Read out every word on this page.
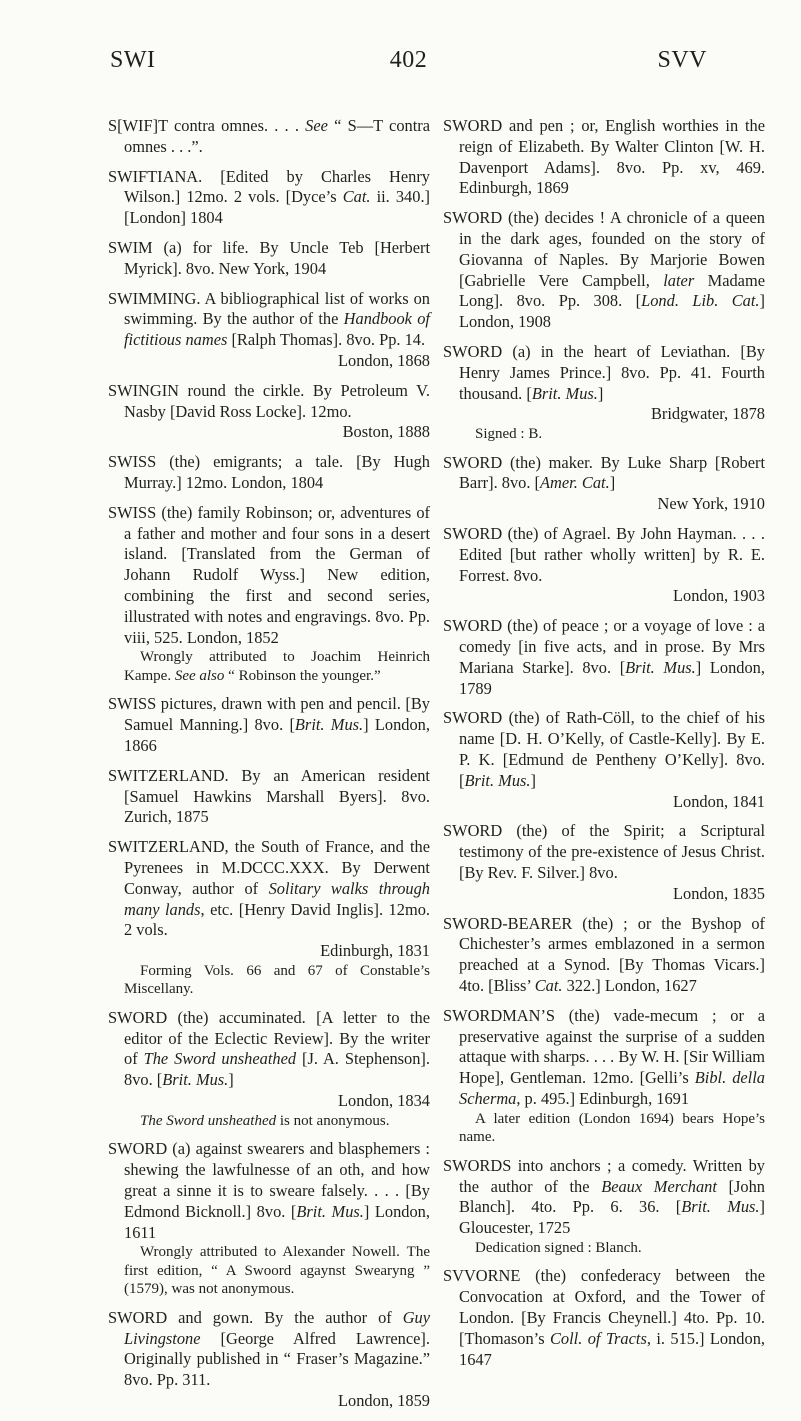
SWI	402	SVV
S[WIF]T contra omnes. . . . See “ S—T contra omnes . . .”.
SWIFTIANA. [Edited by Charles Henry Wilson.] 12mo. 2 vols. [Dyce’s Cat. ii. 340.] [London] 1804
SWIM (a) for life. By Uncle Teb [Herbert Myrick]. 8vo. New York, 1904
SWIMMING. A bibliographical list of works on swimming. By the author of the Handbook of fictitious names [Ralph Thomas]. 8vo. Pp. 14.
London, 1868
SWINGIN round the cirkle. By Petroleum V. Nasby [David Ross Locke]. 12mo.
Boston, 1888
SWISS (the) emigrants; a tale. [By Hugh Murray.] 12mo. London, 1804
SWISS (the) family Robinson; or, adventures of a father and mother and four sons in a desert island. [Translated from the German of Johann Rudolf Wyss.] New edition, combining the first and second series, illustrated with notes and engravings. 8vo. Pp. viii, 525. London, 1852
Wrongly attributed to Joachim Heinrich Kampe. See also “ Robinson the younger.”
SWISS pictures, drawn with pen and pencil. [By Samuel Manning.] 8vo. [Brit. Mus.] London, 1866
SWITZERLAND. By an American resident [Samuel Hawkins Marshall Byers]. 8vo. Zurich, 1875
SWITZERLAND, the South of France, and the Pyrenees in M.DCCC.XXX. By Derwent Conway, author of Solitary walks through many lands, etc. [Henry David Inglis]. 12mo. 2 vols.
Edinburgh, 1831
Forming Vols. 66 and 67 of Constable’s Miscellany.
SWORD (the) accuminated. [A letter to the editor of the Eclectic Review]. By the writer of The Sword unsheathed [J. A. Stephenson]. 8vo. [Brit. Mus.]
London, 1834
The Sword unsheathed is not anonymous.
SWORD (a) against swearers and blasphemers : shewing the lawfulnesse of an oth, and how great a sinne it is to sweare falsely. . . . [By Edmond Bicknoll.] 8vo. [Brit. Mus.] London, 1611
Wrongly attributed to Alexander Nowell. The first edition, “ A Swoord agaynst Swearyng ” (1579), was not anonymous.
SWORD and gown. By the author of Guy Livingstone [George Alfred Lawrence]. Originally published in “ Fraser’s Magazine.” 8vo. Pp. 311.
London, 1859
SWORD and pen ; or, English worthies in the reign of Elizabeth. By Walter Clinton [W. H. Davenport Adams]. 8vo. Pp. xv, 469. Edinburgh, 1869
SWORD (the) decides ! A chronicle of a queen in the dark ages, founded on the story of Giovanna of Naples. By Marjorie Bowen [Gabrielle Vere Campbell, later Madame Long]. 8vo. Pp. 308. [Lond. Lib. Cat.] London, 1908
SWORD (a) in the heart of Leviathan. [By Henry James Prince.] 8vo. Pp. 41. Fourth thousand. [Brit. Mus.]
Bridgwater, 1878
Signed : B.
SWORD (the) maker. By Luke Sharp [Robert Barr]. 8vo. [Amer. Cat.]
New York, 1910
SWORD (the) of Agrael. By John Hayman. . . . Edited [but rather wholly written] by R. E. Forrest. 8vo.
London, 1903
SWORD (the) of peace ; or a voyage of love : a comedy [in five acts, and in prose. By Mrs Mariana Starke]. 8vo. [Brit. Mus.] London, 1789
SWORD (the) of Rath-Cöll, to the chief of his name [D. H. O’Kelly, of Castle-Kelly]. By E. P. K. [Edmund de Pentheny O’Kelly]. 8vo. [Brit. Mus.]
London, 1841
SWORD (the) of the Spirit; a Scriptural testimony of the pre-existence of Jesus Christ. [By Rev. F. Silver.] 8vo.
London, 1835
SWORD-BEARER (the) ; or the Byshop of Chichester’s armes emblazoned in a sermon preached at a Synod. [By Thomas Vicars.] 4to. [Bliss’ Cat. 322.] London, 1627
SWORDMAN’S (the) vade-mecum ; or a preservative against the surprise of a sudden attaque with sharps. . . . By W. H. [Sir William Hope], Gentleman. 12mo. [Gelli’s Bibl. della Scherma, p. 495.] Edinburgh, 1691
A later edition (London 1694) bears Hope’s name.
SWORDS into anchors ; a comedy. Written by the author of the Beaux Merchant [John Blanch]. 4to. Pp. 6. 36. [Brit. Mus.] Gloucester, 1725
Dedication signed : Blanch.
SVVORNE (the) confederacy between the Convocation at Oxford, and the Tower of London. [By Francis Cheynell.] 4to. Pp. 10. [Thomason’s Coll. of Tracts, i. 515.] London, 1647
